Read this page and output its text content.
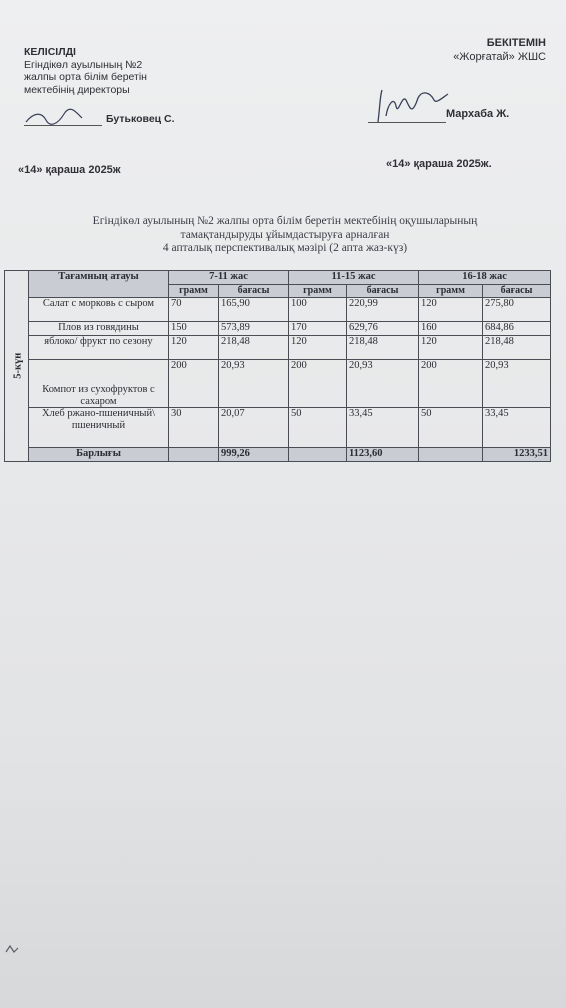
КЕЛІСІЛДІ
Егіндікөл ауылының №2
жалпы орта білім беретін
мектебінің директоры
Бутьковец С.
«14» қараша 2025ж
БЕКІТЕМІН
«Жорғатай» ЖШС
Мархаба Ж.
«14» қараша 2025ж.
Егіндікөл ауылының №2 жалпы орта білім беретін мектебінің оқушыларының
тамақтандыруды ұйымдастыруға арналған
4 апталық перспективалық мәзірі (2 апта жаз-күз)
5-күн	Тағамның атауы	7-11 жас		11-15 жас		16-18 жас	
		грамм	бағасы	грамм	бағасы	грамм	бағасы
	Салат с морковь с сыром	70	165,90	100	220,99	120	275,80
	Плов из говядины	150	573,89	170	629,76	160	684,86
	яблоко/ фрукт по сезону	120	218,48	120	218,48	120	218,48
	Компот из сухофруктов с сахаром	200	20,93	200	20,93	200	20,93
	Хлеб ржано-пшеничный\ пшеничный	30	20,07	50	33,45	50	33,45
	Барлығы		999,26		1123,60		1233,51
